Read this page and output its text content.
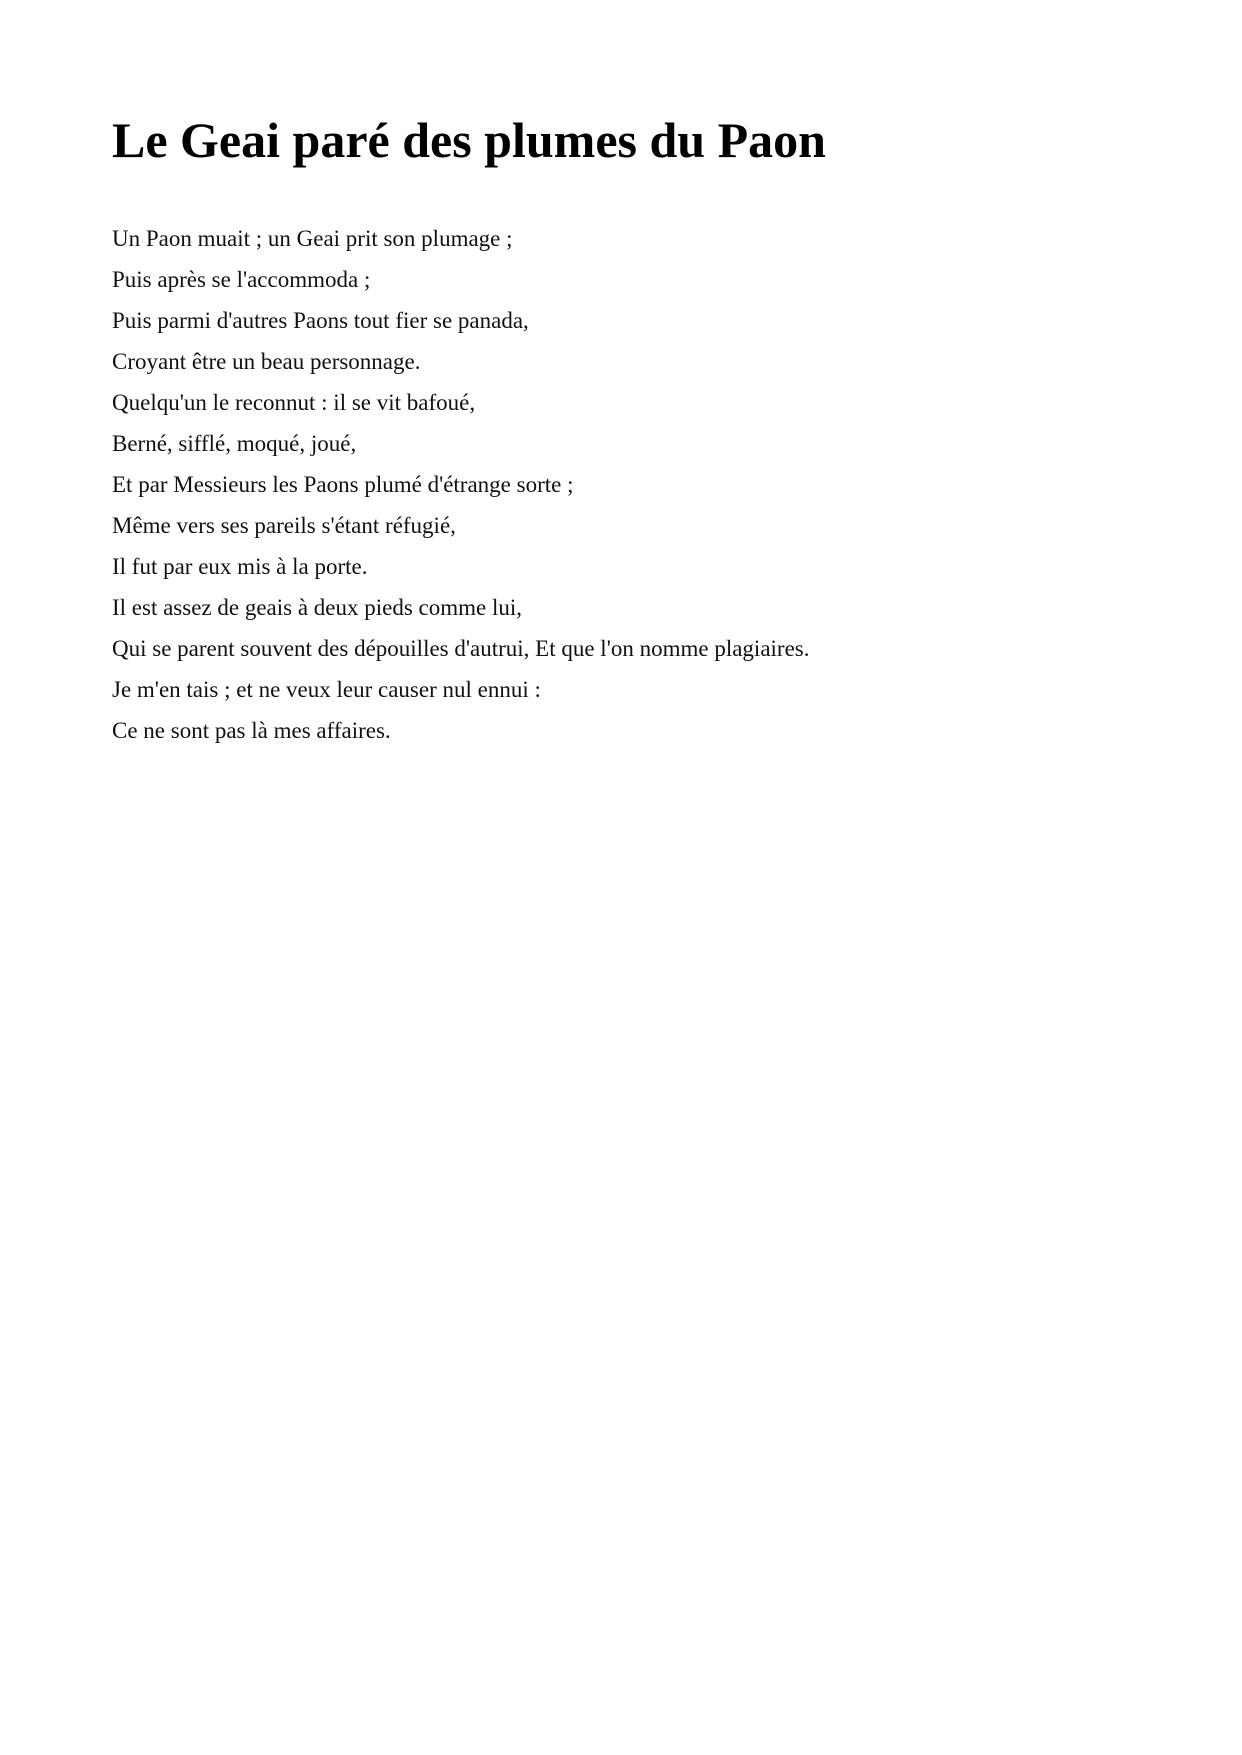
Le Geai paré des plumes du Paon
Un Paon muait ; un Geai prit son plumage ;
Puis après se l'accommoda ;
Puis parmi d'autres Paons tout fier se panada,
Croyant être un beau personnage.
Quelqu'un le reconnut : il se vit bafoué,
Berné, sifflé, moqué, joué,
Et par Messieurs les Paons plumé d'étrange sorte ;
Même vers ses pareils s'étant réfugié,
Il fut par eux mis à la porte.
Il est assez de geais à deux pieds comme lui,
Qui se parent souvent des dépouilles d'autrui, Et que l'on nomme plagiaires.
Je m'en tais ; et ne veux leur causer nul ennui :
Ce ne sont pas là mes affaires.
